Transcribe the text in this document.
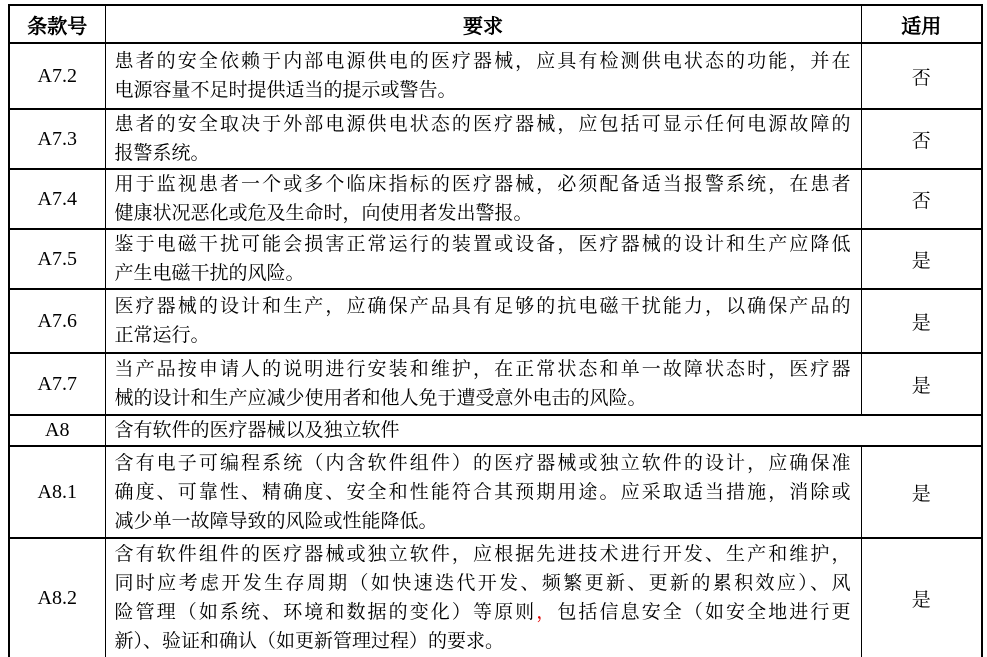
条款号	要求	适用
A7.2	患者的安全依赖于内部电源供电的医疗器械，应具有检测供电状态的功能，并在
电源容量不足时提供适当的提示或警告。	否
A7.3	患者的安全取决于外部电源供电状态的医疗器械，应包括可显示任何电源故障的
报警系统。	否
A7.4	用于监视患者一个或多个临床指标的医疗器械，必须配备适当报警系统，在患者
健康状况恶化或危及生命时，向使用者发出警报。	否
A7.5	鉴于电磁干扰可能会损害正常运行的装置或设备，医疗器械的设计和生产应降低
产生电磁干扰的风险。	是
A7.6	医疗器械的设计和生产，应确保产品具有足够的抗电磁干扰能力，以确保产品的
正常运行。	是
A7.7	当产品按申请人的说明进行安装和维护，在正常状态和单一故障状态时，医疗器
械的设计和生产应减少使用者和他人免于遭受意外电击的风险。	是
A8	含有软件的医疗器械以及独立软件	

A8.1	含有电子可编程系统（内含软件组件）的医疗器械或独立软件的设计，应确保准
确度、可靠性、精确度、安全和性能符合其预期用途。应采取适当措施，消除或
减少单一故障导致的风险或性能降低。	是
A8.2	含有软件组件的医疗器械或独立软件，应根据先进技术进行开发、生产和维护，
同时应考虑开发生存周期（如快速迭代开发、频繁更新、更新的累积效应）、风
险管理（如系统、环境和数据的变化）等原则，包括信息安全（如安全地进行更
新）、验证和确认（如更新管理过程）的要求。	是
